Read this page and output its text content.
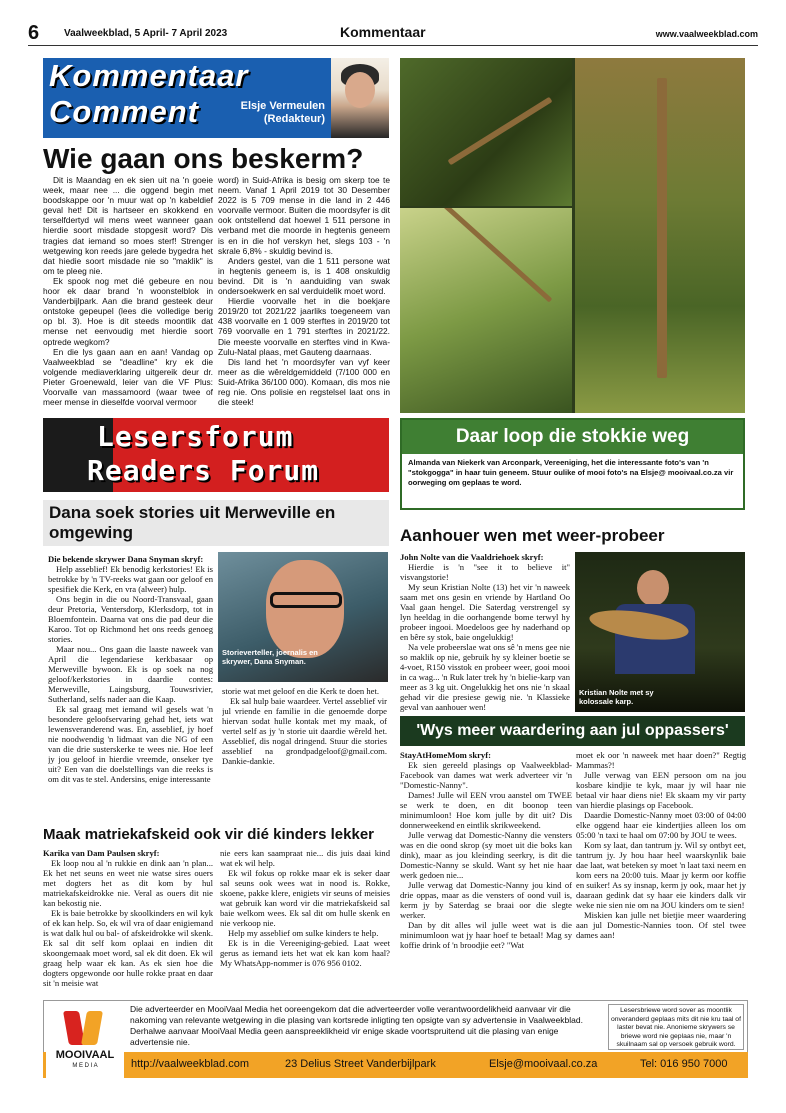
6 Vaalweekblad, 5 April- 7 April 2023	Kommentaar	www.vaalweekblad.com
Kommentaar
Comment	Elsje Vermeulen
(Redakteur)
Wie gaan ons beskerm?

Dit is Maandag en ek sien uit na 'n goeie week, maar nee ... die oggend begin met boodskappe oor 'n muur wat op 'n kabeldief geval het! Dit is hartseer en skokkend en terselfdertyd wil mens weet wanneer gaan hierdie soort misdade stopgesit word? Dis tragies dat iemand so moes sterf! Strenger wetgewing kon reeds jare gelede bygedra het dat hiedie soort misdade nie so "maklik" is om te pleeg nie.

Ek spook nog met dié gebeure en nou hoor ek daar brand 'n woonstelblok in Vanderbijlpark. Aan die brand gesteek deur ontstoke gepeupel (lees die volledige berig op bl. 3). Hoe is dit steeds moontlik dat mense net eenvoudig met hierdie soort optrede wegkom?

En die lys gaan aan en aan! Vandag op Vaalweekblad se "deadline" kry ek die volgende mediaverklaring uitgereik deur dr. Pieter Groenewald, leier van die VF Plus: Voorvalle van massamoord (waar twee of meer mense in dieselfde voorval vermoor

word) in Suid-Afrika is besig om skerp toe te neem. Vanaf 1 April 2019 tot 30 Desember 2022 is 5 709 mense in die land in 2 446 voorvalle vermoor. Buiten die moordsyfer is dit ook ontstellend dat hoewel 1 511 persone in verband met die moorde in hegtenis geneem is en in die hof verskyn het, slegs 103 - 'n skrale 6,8% - skuldig bevind is.

Anders gestel, van die 1 511 persone wat in hegtenis geneem is, is 1 408 onskuldig bevind. Dit is 'n aanduiding van swak ondersoekwerk en sal verduidelik moet word.

Hierdie voorvalle het in die boekjare 2019/20 tot 2021/22 jaarliks toegeneem van 438 voorvalle en 1 009 sterftes in 2019/20 tot 769 voorvalle en 1 791 sterftes in 2021/22. Die meeste voorvalle en sterftes vind in Kwa-Zulu-Natal plaas, met Gauteng daarnaas.

Dis land het 'n moordsyfer van vyf keer meer as die wêreldgemiddeld (7/100 000 en Suid-Afrika 36/100 000). Komaan, dis mos nie reg nie. Ons polisie en regstelsel laat ons in die steek!

Daar loop die stokkie weg
Almanda van Niekerk van Arconpark, Vereeniging, het die interessante foto's van 'n "stokgogga" in haar tuin geneem. Stuur oulike of mooi foto's na Elsje@ mooivaal.co.za vir oorweging om geplaas te word.
Lesersforum
Readers Forum
Dana soek stories uit Merweville en omgewing

Die bekende skrywer Dana Snyman skryf:

Help asseblief! Ek benodig kerkstories! Ek is betrokke by 'n TV-reeks wat gaan oor geloof en spesifiek die Kerk, en vra (alweer) hulp.

Ons begin in die ou Noord-Transvaal, gaan deur Pretoria, Ventersdorp, Klerksdorp, tot in Bloemfontein. Daarna vat ons die pad deur die Karoo. Tot op Richmond het ons reeds genoeg stories.

Maar nou... Ons gaan die laaste naweek van April die legendariese kerkbasaar op Merweville bywoon. Ek is op soek na nog geloof/kerkstories in daardie contes: Merweville, Laingsburg, Touwsrivier, Sutherland, selfs nader aan die Kaap.

Ek sal graag met iemand wil gesels wat 'n besondere geloofservaring gehad het, iets wat lewensveranderend was. En, asseblief, jy hoef nie noodwendig 'n lidmaat van die NG of een van die drie susterskerke te wees nie. Hoe leef jy jou geloof in hierdie vreemde, onseker tye uit? Een van die doelstellings van die reeks is om dit vas te stel. Andersins, enige interessante

Storieverteller, joernalis en skrywer, Dana Snyman.

storie wat met geloof en die Kerk te doen het.

Ek sal hulp baie waardeer. Vertel asseblief vir jul vriende en familie in die genoemde dorpe hiervan sodat hulle kontak met my maak, of vertel self as jy 'n storie uit daardie wêreld het. Asseblief, dis nogal dringend. Stuur die stories asseblief na grondpadgeloof@gmail.com. Dankie-dankie.

Aanhouer wen met weer-probeer

John Nolte van die Vaaldriehoek skryf:

Hierdie is 'n "see it to believe it" visvangstorie!

My seun Kristian Nolte (13) het vir 'n naweek saam met ons gesin en vriende by Hartland Oo Vaal gaan hengel. Die Saterdag verstrengel sy lyn heeldag in die oorhangende bome terwyl hy probeer ingooi. Moedeloos gee hy naderhand op en bêre sy stok, baie ongelukkig!

Na vele probeerslae wat ons sê 'n mens gee nie so maklik op nie, gebruik hy sy kleiner boetie se 4-voet, R150 visstok en probeer weer, gooi mooi in ca wag... 'n Ruk later trek hy 'n bielie-karp van meer as 3 kg uit. Ongelukkig het ons nie 'n skaal gehad vir die presiese gewig nie. 'n Klassieke geval van aanhouer wen!

Kristian Nolte met sy kolossale karp.
'Wys meer waardering aan jul oppassers'

StayAtHomeMom skryf:

Ek sien gereeld plasings op Vaalweekblad-Facebook van dames wat werk adverteer vir 'n "Domestic-Nanny".

Dames! Julle wil EEN vrou aanstel om TWEE se werk te doen, en dit boonop teen minimumloon! Hoe kom julle by dit uit? Dis donnerweekend en eintlik skrikweekend.

Julle verwag dat Domestic-Nanny die vensters was en die oond skrop (sy moet uit die boks kan dink), maar as jou kleinding seerkry, is dit die Domestic-Nanny se skuld. Want sy het nie haar werk gedoen nie...

Julle verwag dat Domestic-Nanny jou kind of drie oppas, maar as die vensters of oond vuil is, kerm jy by Saterdag se braai oor die slegte werker.

Dan by dit alles wil julle weet wat is die minimumloon wat jy haar hoef te betaal! Mag sy koffie drink of 'n broodjie eet? "Wat

moet ek oor 'n naweek met haar doen?" Regtig Mammas?!

Julle verwag van EEN persoon om na jou kosbare kindjie te kyk, maar jy wil haar nie betaal vir haar diens nie! Ek skaam my vir party van hierdie plasings op Facebook.

Daardie Domestic-Nanny moet 03:00 of 04:00 elke oggend haar eie kindertjies alleen los om 05:00 'n taxi te haal om 07:00 by JOU te wees.

Kom sy laat, dan tantrum jy. Wil sy ontbyt eet, tantrum jy. Jy hou haar heel waarskynlik baie dae laat, wat beteken sy moet 'n laat taxi neem en kom eers na 20:00 tuis. Maar jy kerm oor koffie en suiker! As sy insnap, kerm jy ook, maar het jy daaraan gedink dat sy haar eie kinders dalk vir weke nie sien nie om na JOU kinders om te sien!

Miskien kan julle net bietjie meer waardering aan jul Domestic-Nannies toon. Of stel twee dames aan!

Maak matriekafskeid ook vir dié kinders lekker

Karika van Dam Paulsen skryf:

Ek loop nou al 'n rukkie en dink aan 'n plan... Ek het net seuns en weet nie watse sires ouers met dogters het as dit kom by hul matriekafskeidrokke nie. Veral as ouers dit nie kan bekostig nie.

Ek is baie betrokke by skoolkinders en wil kyk of ek kan help. So, ek wil vra of daar enigiemand is wat dalk hul ou bal- of afskeidrokke wil skenk. Ek sal dit self kom oplaai en indien dit skoongemaak moet word, sal ek dit doen. Ek wil graag help waar ek kan. As ek sien hoe die dogters opgewonde oor hulle rokke praat en daar sit 'n meisie wat

nie eers kan saampraat nie... dis juis daai kind wat ek wil help.

Ek wil fokus op rokke maar ek is seker daar sal seuns ook wees wat in nood is. Rokke, skoene, pakke klere, enigiets vir seuns of meisies wat gebruik kan word vir die matriekafskeid sal baie welkom wees. Ek sal dit om hulle skenk en nie verkoop nie.

Help my asseblief om sulke kinders te help.

Ek is in die Vereeniging-gebied. Laat weet gerus as iemand iets het wat ek kan kom haal? My WhatsApp-nommer is 076 956 0102.

Die adverteerder en MooiVaal Media het ooreengekom dat die adverteerder volle verantwoordelikheid aanvaar vir die nakoming van relevante wetgewing in die plasing van kortsrede inligting ten opsigte van sy advertensie in Vaalweekblad. Derhalwe aanvaar MooiVaal Media geen aanspreeklikheid vir enige skade voortspruitend uit die plasing van enige advertensie nie.
Lesersbriewe word sover as moontlik onveranderd geplaas mits dit nie kru taal of laster bevat nie. Anonieme skrywers se briewe word nie geplaas nie, maar 'n skuilnaam sal op versoek gebruik word.
http://vaalweekblad.com	23 Delius Street Vanderbijlpark	Elsje@mooivaal.co.za	Tel: 016 950 7000
MOOIVAAL
M E D I A
